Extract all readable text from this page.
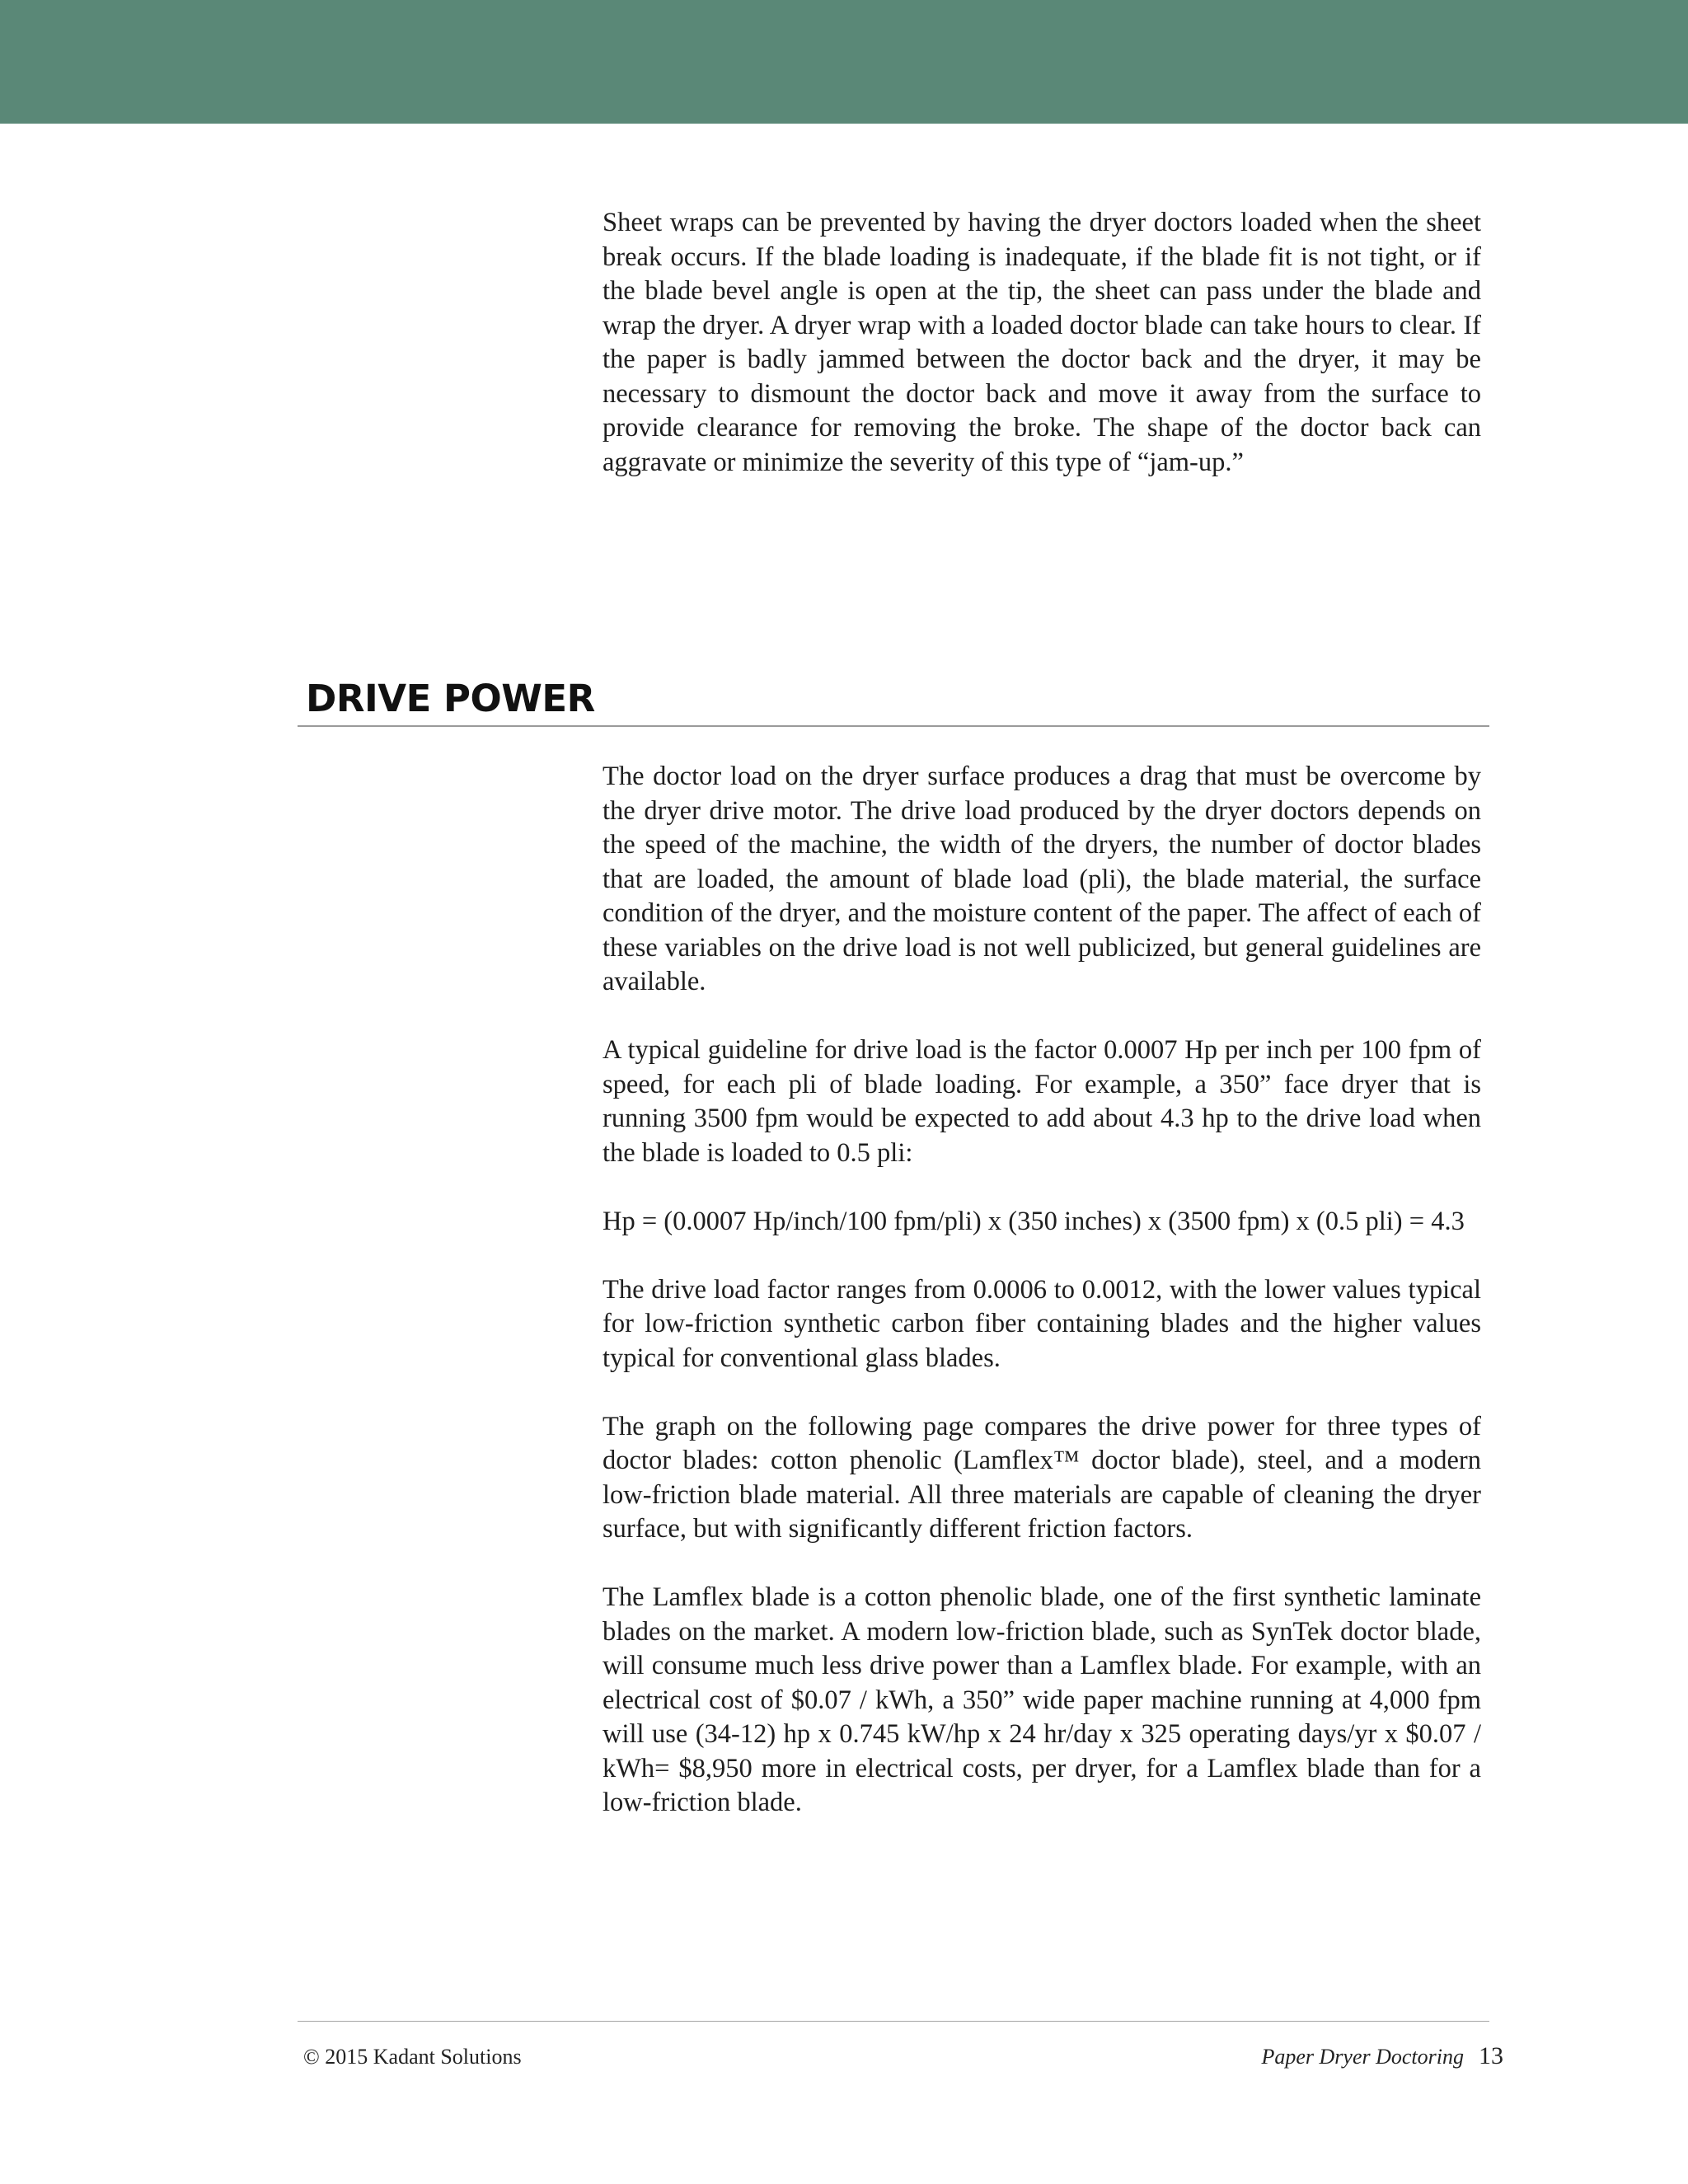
Sheet wraps can be prevented by having the dryer doctors loaded when the sheet break occurs. If the blade loading is inadequate, if the blade fit is not tight, or if the blade bevel angle is open at the tip, the sheet can pass under the blade and wrap the dryer. A dryer wrap with a loaded doctor blade can take hours to clear. If the paper is badly jammed between the doctor back and the dryer, it may be necessary to dismount the doctor back and move it away from the surface to provide clearance for removing the broke. The shape of the doctor back can aggravate or minimize the severity of this type of “jam-up.”

DRIVE POWER

The doctor load on the dryer surface produces a drag that must be overcome by the dryer drive motor. The drive load produced by the dryer doctors depends on the speed of the machine, the width of the dryers, the number of doctor blades that are loaded, the amount of blade load (pli), the blade material, the surface condition of the dryer, and the moisture content of the paper. The affect of each of these variables on the drive load is not well publicized, but general guidelines are available.

A typical guideline for drive load is the factor 0.0007 Hp per inch per 100 fpm of speed, for each pli of blade loading. For example, a 350” face dryer that is running 3500 fpm would be expected to add about 4.3 hp to the drive load when the blade is loaded to 0.5 pli:

Hp = (0.0007 Hp/inch/100 fpm/pli) x (350 inches) x (3500 fpm) x (0.5 pli) = 4.3

The drive load factor ranges from 0.0006 to 0.0012, with the lower values typical for low-friction synthetic carbon fiber containing blades and the higher values typical for conventional glass blades.

The graph on the following page compares the drive power for three types of doctor blades: cotton phenolic (Lamflex™ doctor blade), steel, and a modern low-friction blade material. All three materials are capable of cleaning the dryer surface, but with significantly different friction factors.

The Lamflex blade is a cotton phenolic blade, one of the first synthetic laminate blades on the market. A modern low-friction blade, such as SynTek doctor blade, will consume much less drive power than a Lamflex blade. For example, with an electrical cost of $0.07 / kWh, a 350” wide paper machine running at 4,000 fpm will use (34-12) hp x 0.745 kW/hp x 24 hr/day x 325 operating days/yr x $0.07 / kWh= $8,950 more in electrical costs, per dryer, for a Lamflex blade than for a low-friction blade.

© 2015 Kadant Solutions	Paper Dryer Doctoring 13
